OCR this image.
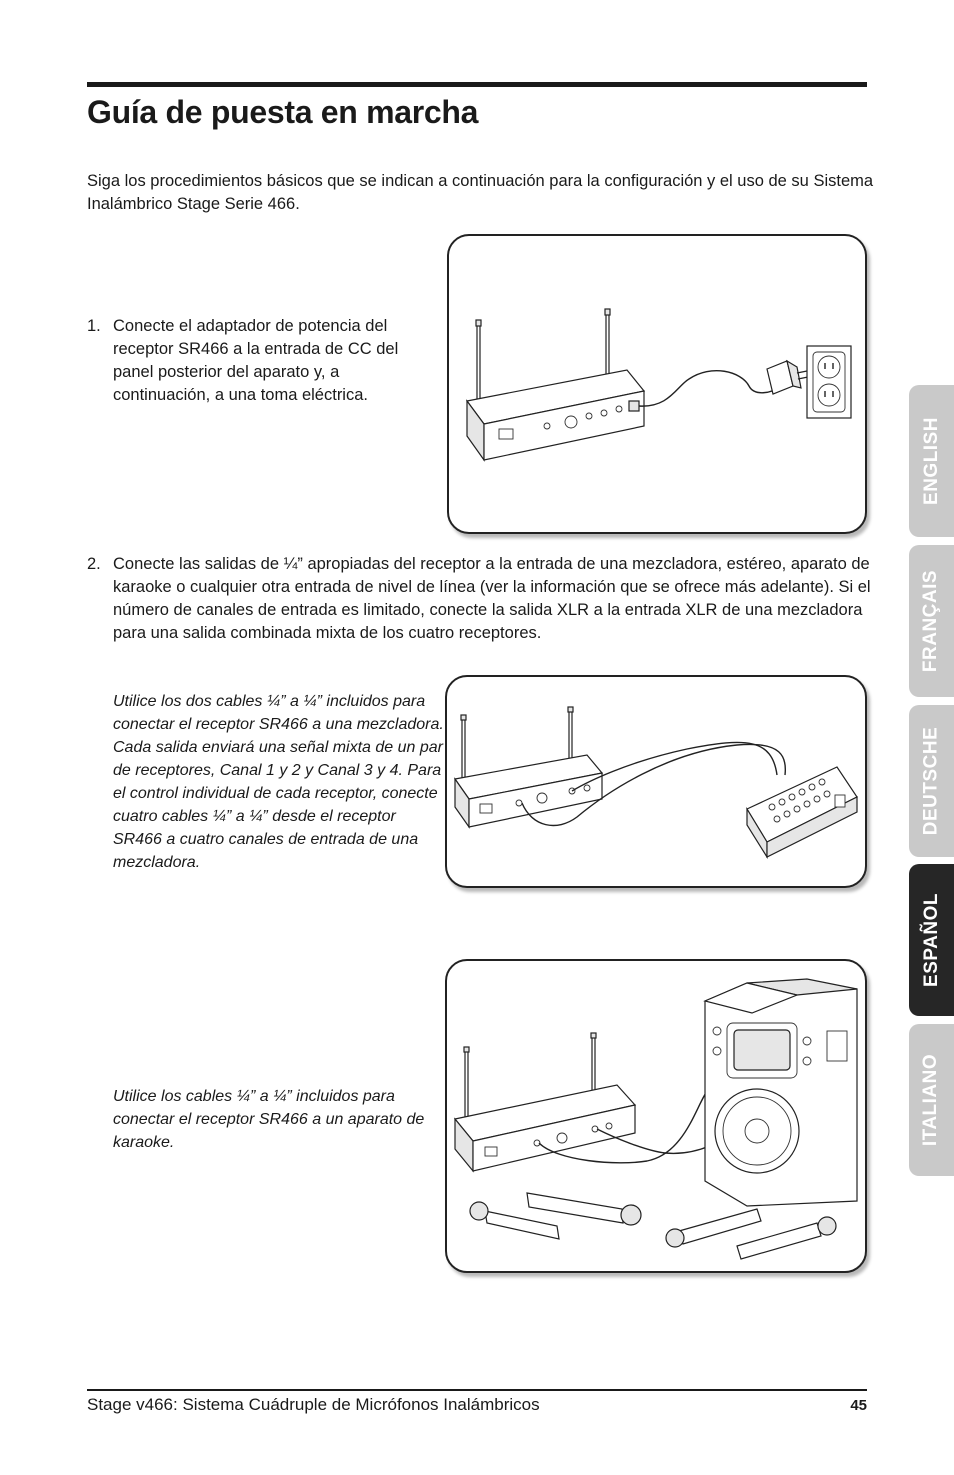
Guía de puesta en marcha

Siga los procedimientos básicos que se indican a continuación para la configuración y el uso de su Sistema Inalámbrico Stage Serie 466.

1. Conecte el adaptador de potencia del receptor SR466 a la entrada de CC del panel posterior del aparato y, a continuación, a una toma eléctrica.
2. Conecte las salidas de ¼” apropiadas del receptor a la entrada de una mezcladora, estéreo, aparato de karaoke o cualquier otra entrada de nivel de línea (ver la información que se ofrece más adelante). Si el número de canales de entrada es limitado, conecte la salida XLR a la entrada XLR de una mezcladora para una salida combinada mixta de los cuatro receptores.

Utilice los dos cables ¼” a ¼” incluidos para conectar el receptor SR466 a una mezcladora. Cada salida enviará una señal mixta de un par de receptores, Canal 1 y 2 y Canal 3 y 4. Para el control individual de cada receptor, conecte cuatro cables ¼” a ¼” desde el receptor SR466 a cuatro canales de entrada de una mezcladora.

Utilice los cables ¼” a ¼” incluidos para conectar el receptor SR466 a un aparato de karaoke.

ENGLISH
FRANÇAIS
DEUTSCHE
ESPAÑOL
ITALIANO
Stage v466: Sistema Cuádruple de Micrófonos Inalámbricos	45
